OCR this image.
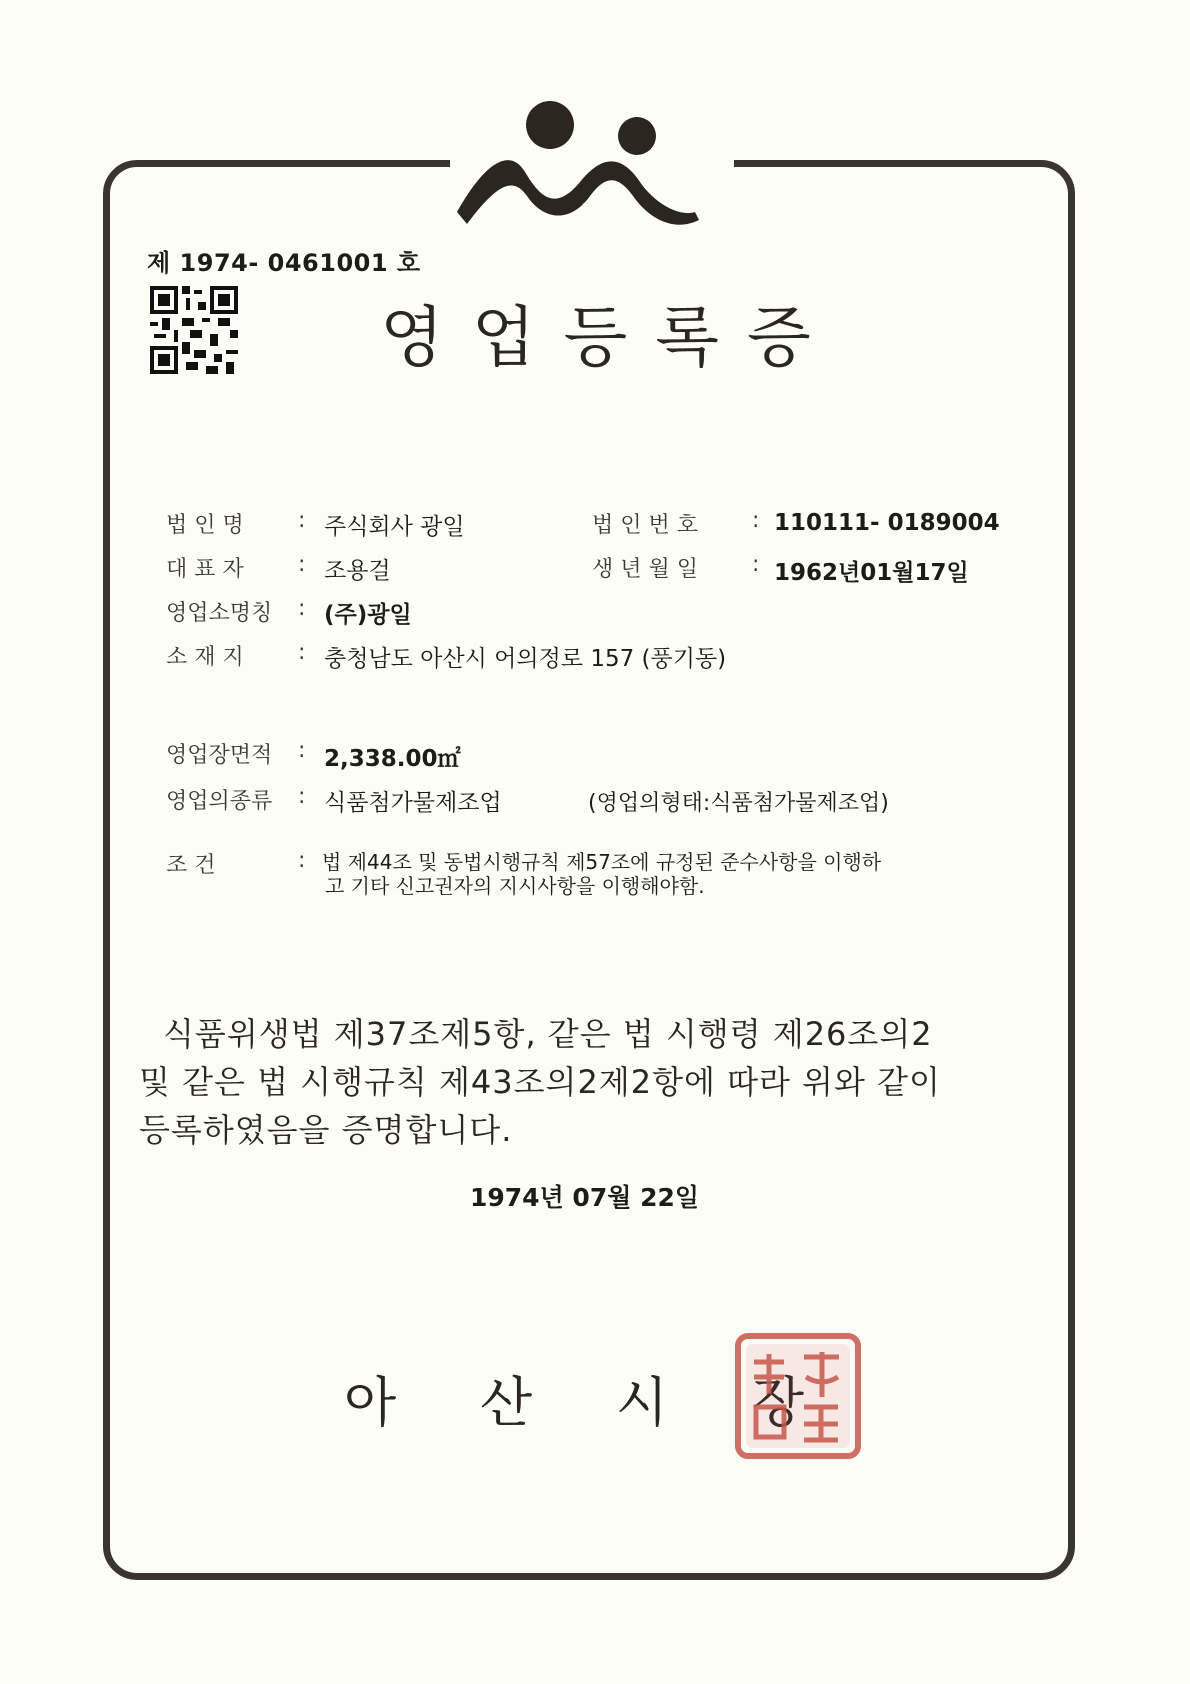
제 1974- 0461001 호
영업등록증
법 인 명 : 주식회사 광일	법 인 번 호 : 110111- 0189004
대 표 자 : 조용걸	생 년 월 일 : 1962년01월17일
영업소명칭 : (주)광일
소 재 지 : 충청남도 아산시 어의정로 157 (풍기동)
영업장면적 : 2,338.00㎡
영업의종류 : 식품첨가물제조업	(영업의형태:식품첨가물제조업)
조 건	: 법 제44조 및 동법시행규칙 제57조에 규정된 준수사항을 이행하
고 기타 신고권자의 지시사항을 이행해야함.
식품위생법 제37조제5항, 같은 법 시행령 제26조의2
및 같은 법 시행규칙 제43조의2제2항에 따라 위와 같이
등록하였음을 증명합니다.
1974년 07월 22일
아 산 시 장
